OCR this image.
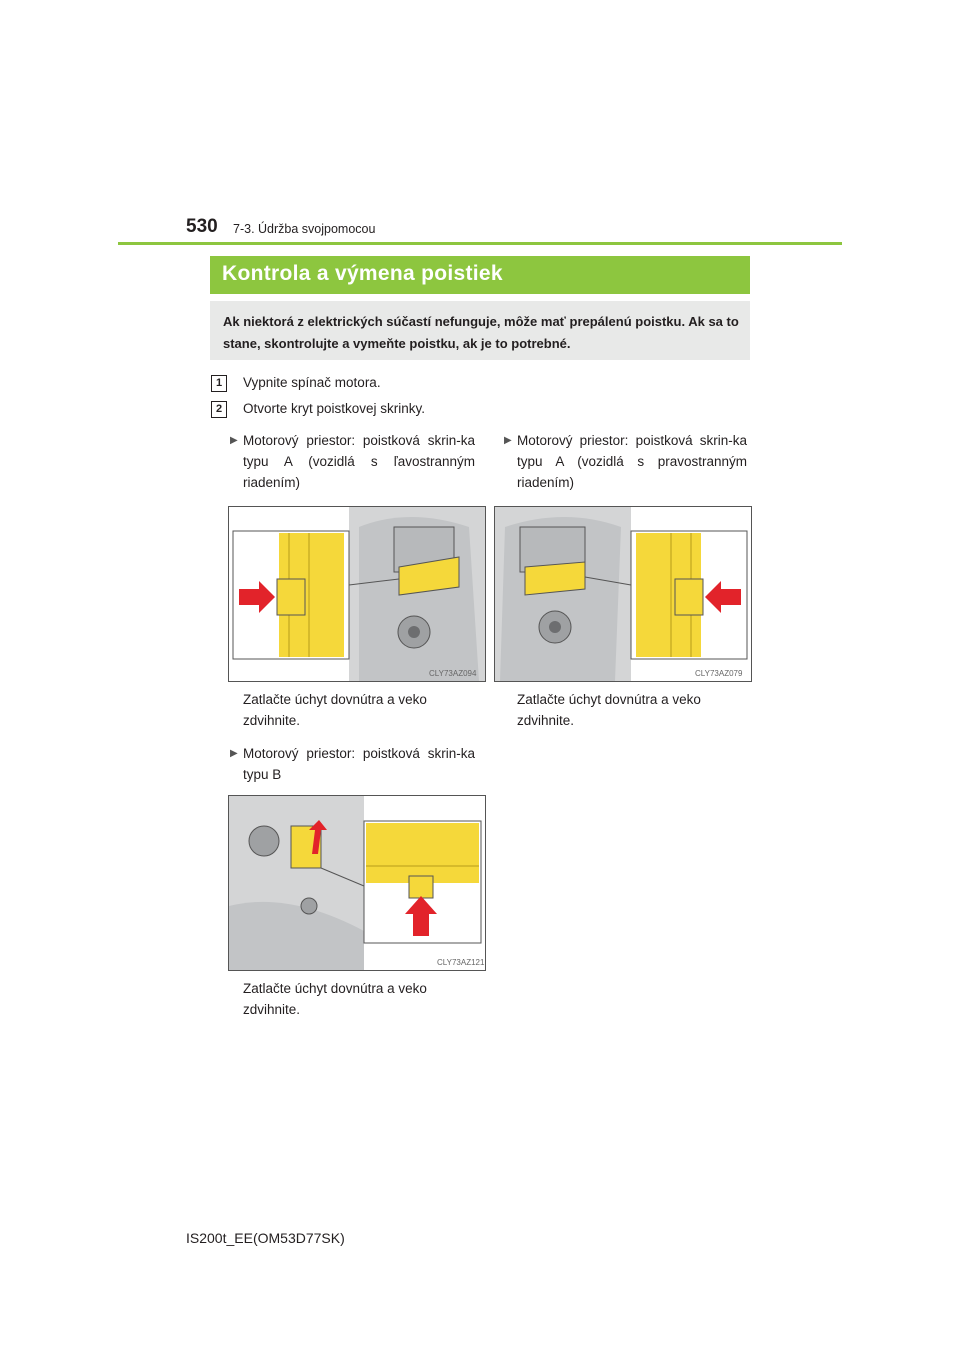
530 7-3. Údržba svojpomocou
Kontrola a výmena poistiek
Ak niektorá z elektrických súčastí nefunguje, môže mať prepálenú poistku. Ak sa to stane, skontrolujte a vymeňte poistku, ak je to potrebné.
1	Vypnite spínač motora.
2	Otvorte kryt poistkovej skrinky.
▶ Motorový priestor: poistková skrin-ka typu A (vozidlá s ľavostranným riadením)
▶ Motorový priestor: poistková skrin-ka typu A (vozidlá s pravostranným riadením)
CLY73AZ094	CLY73AZ079
Zatlačte úchyt dovnútra a veko zdvihnite.
Zatlačte úchyt dovnútra a veko zdvihnite.
▶ Motorový priestor: poistková skrin-ka typu B
CLY73AZ121
Zatlačte úchyt dovnútra a veko zdvihnite.
IS200t_EE(OM53D77SK)
